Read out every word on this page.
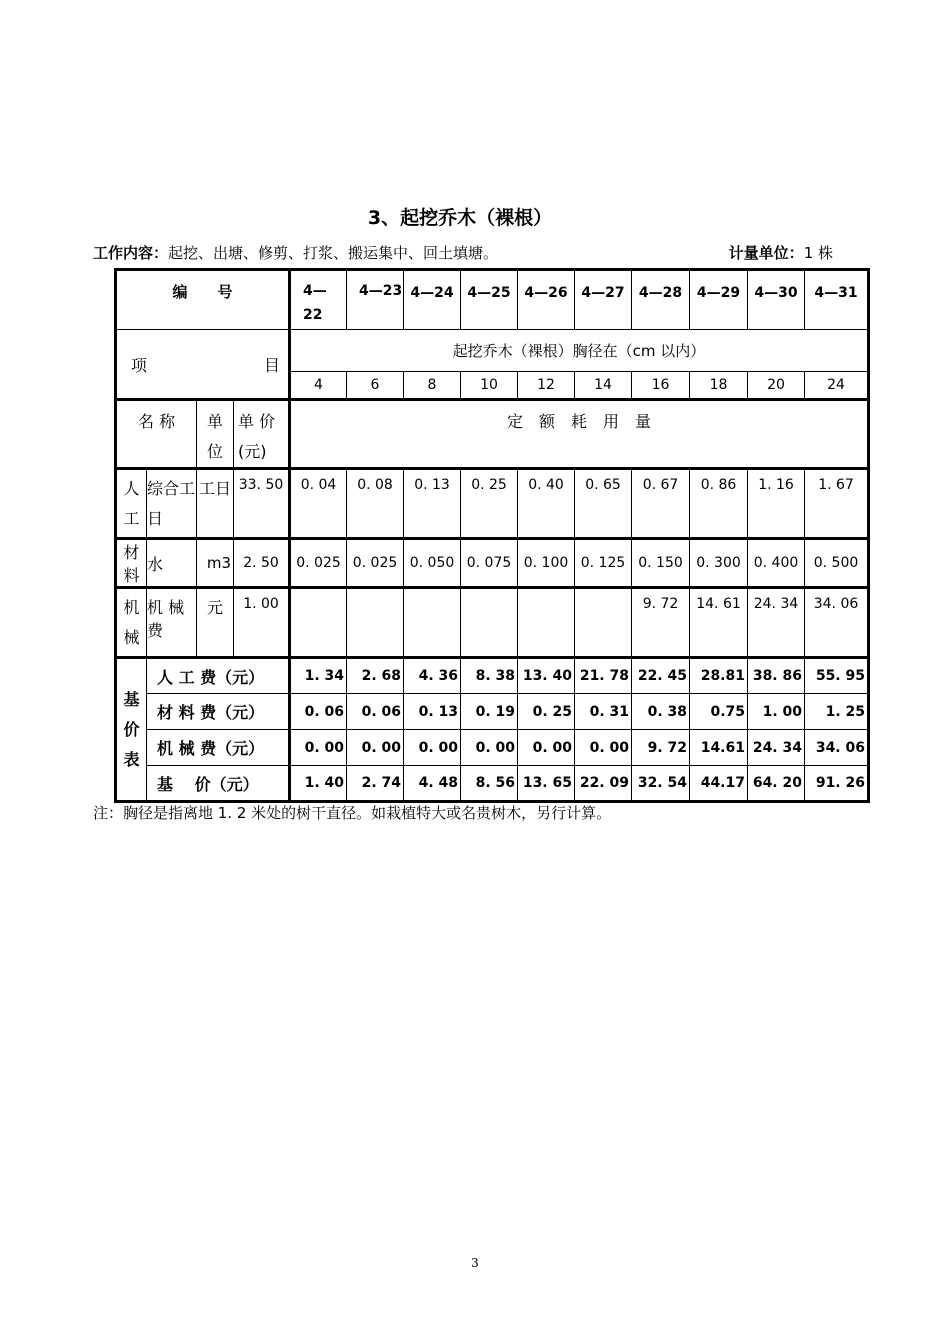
3、起挖乔木（裸根）
工作内容：起挖、出塘、修剪、打浆、搬运集中、回土填塘。	计量单位：1 株
编　　号				4—22	4—23	4—24	4—25	4—26	4—27	4—28	4—29	4—30	4—31

项 目				起挖乔木（裸根）胸径在（cm 以内）									
				4	6	8	10	12	14	16	18	20	24
名 称		单位	单 价(元)	定　额　耗　用　量									
人工	综合工日	工日	33. 50	0. 04	0. 08	0. 13	0. 25	0. 40	0. 65	0. 67	0. 86	1. 16	1. 67
材料	水	m3	2. 50	0. 025	0. 025	0. 050	0. 075	0. 100	0. 125	0. 150	0. 300	0. 400	0. 500
机械	机 械 费	元	1. 00							9. 72	14. 61	24. 34	34. 06
基价表	人 工 费（元）			1. 34	2. 68	4. 36	8. 38	13. 40	21. 78	22. 45	28.81	38. 86	55. 95
	材 料 费（元）			0. 06	0. 06	0. 13	0. 19	0. 25	0. 31	0. 38	0.75	1. 00	1. 25
	机 械 费（元）			0. 00	0. 00	0. 00	0. 00	0. 00	0. 00	9. 72	14.61	24. 34	34. 06
	基　 价（元）			1. 40	2. 74	4. 48	8. 56	13. 65	22. 09	32. 54	44.17	64. 20	91. 26
注：胸径是指离地 1. 2 米处的树干直径。如栽植特大或名贵树木，另行计算。
3
